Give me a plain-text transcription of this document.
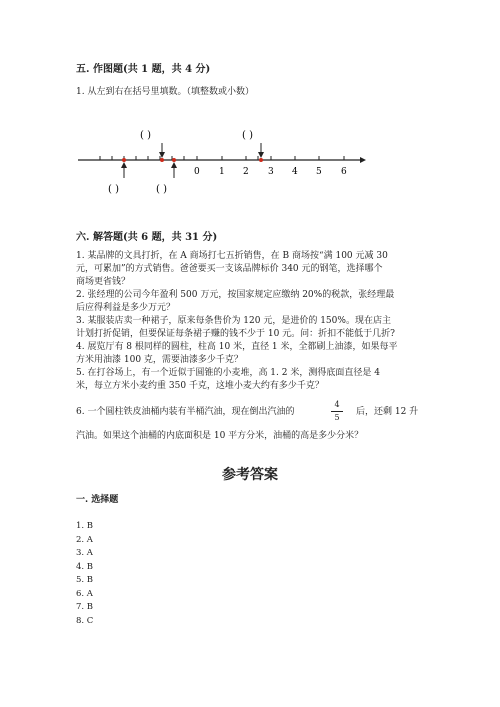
五. 作图题(共 1 题，共 4 分)
1. 从左到右在括号里填数。（填整数或小数）
( )	( )
0 1 2 3 4 5 6
( )	( )
六. 解答题(共 6 题，共 31 分)
1. 某品牌的文具打折，在 A 商场打七五折销售，在 B 商场按“满 100 元减 30
元，可累加”的方式销售。爸爸要买一支该品牌标价 340 元的钢笔，选择哪个
商场更省钱？
2. 张经理的公司今年盈利 500 万元，按国家规定应缴纳 20%的税款，张经理最
后应得利益是多少万元？
3. 某服装店卖一种裙子，原来每条售价为 120 元，是进价的 150%。现在店主
计划打折促销，但要保证每条裙子赚的钱不少于 10 元。问：折扣不能低于几折?
4. 展览厅有 8 根同样的圆柱，柱高 10 米，直径 1 米，全都刷上油漆，如果每平
方米用油漆 100 克，需要油漆多少千克？
5. 在打谷场上，有一个近似于圆锥的小麦堆，高 1. 2 米，测得底面直径是 4
米，每立方米小麦约重 350 千克，这堆小麦大约有多少千克？
6. 一个圆柱铁皮油桶内装有半桶汽油，现在倒出汽油的
4
5
后，还剩 12 升
汽油。如果这个油桶的内底面积是 10 平方分米，油桶的高是多少分米？
参考答案
一. 选择题
1. B
2. A
3. A
4. B
5. B
6. A
7. B
8. C
